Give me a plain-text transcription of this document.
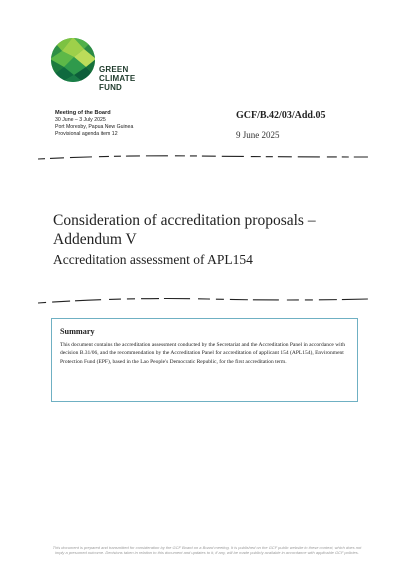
GREEN
CLIMATE
FUND
Meeting of the Board
30 June – 3 July 2025
Port Moresby, Papua New Guinea
Provisional agenda item 12
GCF/B.42/03/Add.05
9 June 2025
Consideration of accreditation proposals – Addendum V
Accreditation assessment of APL154
Summary
This document contains the accreditation assessment conducted by the Secretariat and the Accreditation Panel in accordance with decision B.31/06, and the recommendation by the Accreditation Panel for accreditation of applicant 154 (APL154), Environment Protection Fund (EPF), based in the Lao People's Democratic Republic, for the first accreditation term.
This document is prepared and transmitted for consideration by the GCF Board on a Board meeting. It is published on the GCF public website in these context, which does not imply a presumed outcome. Decisions taken in relation to this document and updates to it, if any, will be made publicly available in accordance with applicable GCF policies.
